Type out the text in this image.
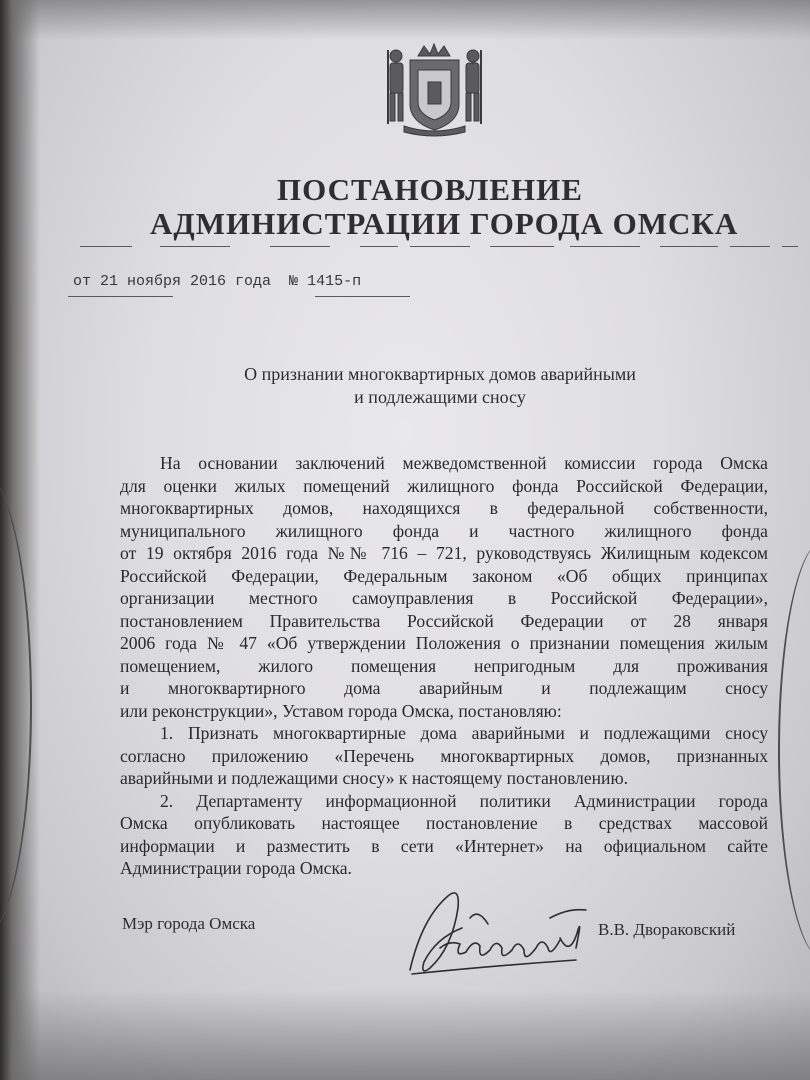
ПОСТАНОВЛЕНИЕ
АДМИНИСТРАЦИИ ГОРОДА ОМСКА
от 21 ноября 2016 года № 1415-п
О признании многоквартирных домов аварийными
и подлежащими сносу

На основании заключений межведомственной комиссии города Омска

для оценки жилых помещений жилищного фонда Российской Федерации,

многоквартирных домов, находящихся в федеральной собственности,

муниципального жилищного фонда и частного жилищного фонда

от 19 октября 2016 года №№ 716 – 721, руководствуясь Жилищным кодексом

Российской Федерации, Федеральным законом «Об общих принципах

организации местного самоуправления в Российской Федерации»,

постановлением Правительства Российской Федерации от 28 января

2006 года № 47 «Об утверждении Положения о признании помещения жилым

помещением, жилого помещения непригодным для проживания

и многоквартирного дома аварийным и подлежащим сносу

или реконструкции», Уставом города Омска, постановляю:

1. Признать многоквартирные дома аварийными и подлежащими сносу

согласно приложению «Перечень многоквартирных домов, признанных

аварийными и подлежащими сносу» к настоящему постановлению.

2. Департаменту информационной политики Администрации города

Омска опубликовать настоящее постановление в средствах массовой

информации и разместить в сети «Интернет» на официальном сайте

Администрации города Омска.

Мэр города Омска	В.В. Двораковский
